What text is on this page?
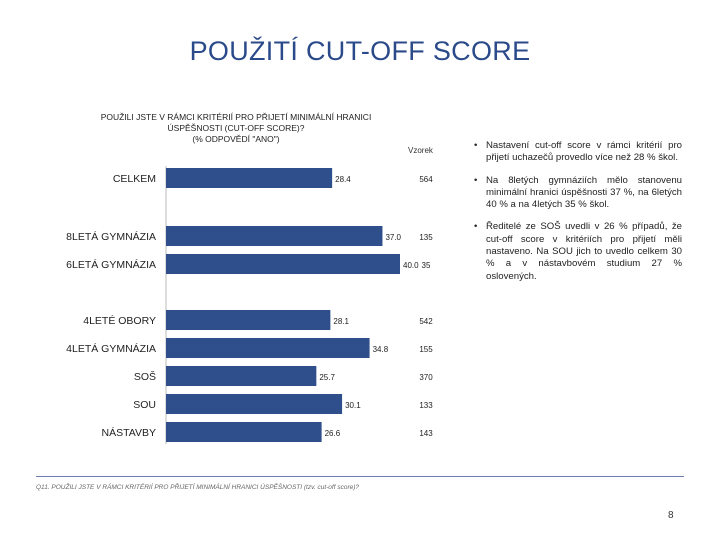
POUŽITÍ CUT-OFF SCORE
POUŽILI JSTE V RÁMCI KRITÉRIÍ PRO PŘIJETÍ MINIMÁLNÍ HRANICI
ÚSPĚŠNOSTI (CUT-OFF SCORE)?
(% ODPOVĚDÍ "ANO")
Vzorek
CELKEM	28.4	564
8LETÁ GYMNÁZIA	37.0 135
6LETÁ GYMNÁZIA	40.0 35
4LETÉ OBORY	28.1	542
4LETÁ GYMNÁZIA	34.8	155
SOŠ	25.7	370
SOU	30.1	133
NÁSTAVBY	26.6	143
• Nastavení cut-off score v rámci kritérií pro přijetí uchazečů provedlo více než 28 % škol.
• Na 8letých gymnáziích mělo stanovenu minimální hranici úspěšnosti 37 %, na 6letých 40 % a na 4letých 35 % škol.
• Ředitelé ze SOŠ uvedli v 26 % případů, že cut-off score v kritériích pro přijetí měli nastaveno. Na SOU jich to uvedlo celkem 30 % a v nástavbovém studium 27 % oslovených.
Q11. POUŽILI JSTE V RÁMCI KRITÉRIÍ PRO PŘIJETÍ MINIMÁLNÍ HRANICI ÚSPĚŠNOSTI (tzv. cut-off score)?
8
